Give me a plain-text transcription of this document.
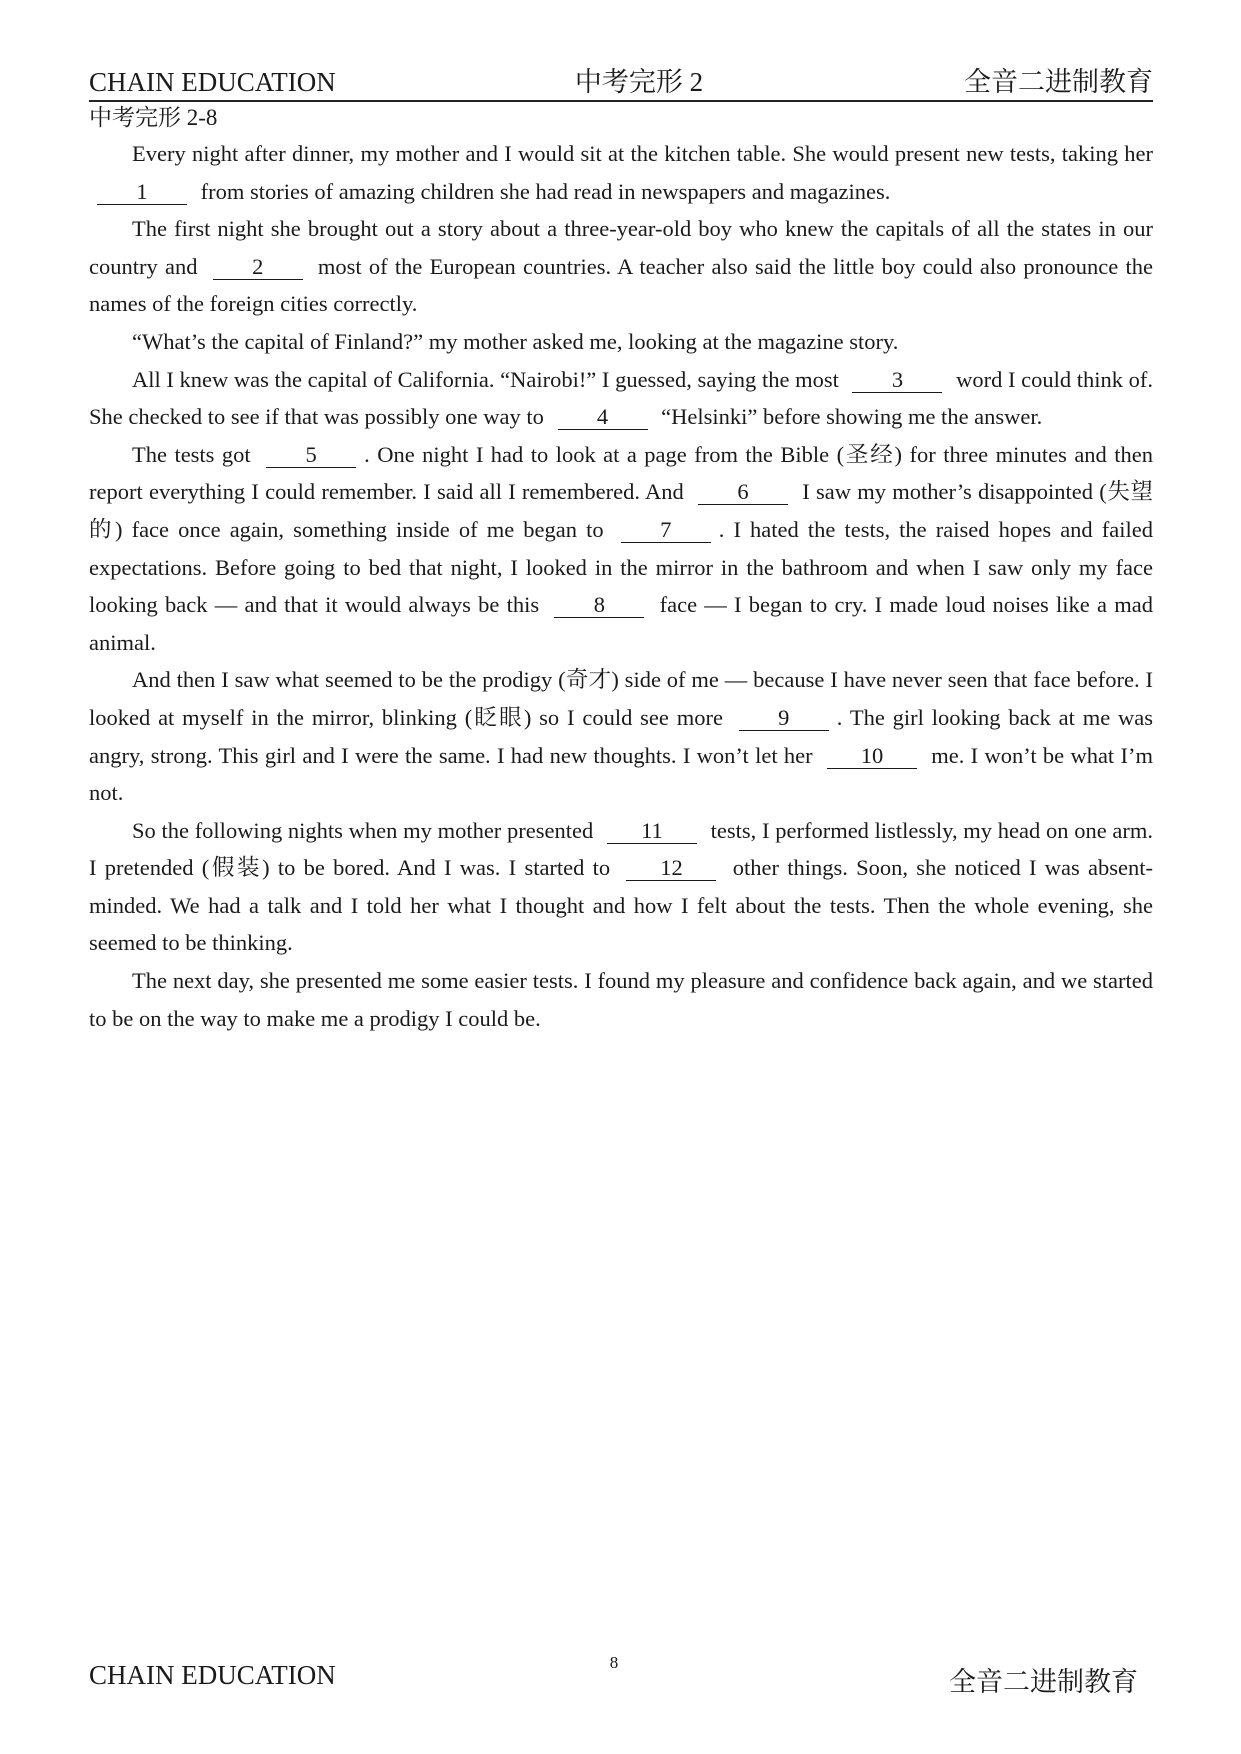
CHAIN EDUCATION	中考完形 2	全音二进制教育
中考完形 2-8

Every night after dinner, my mother and I would sit at the kitchen table. She would present new tests, taking her 1 from stories of amazing children she had read in newspapers and magazines.

The first night she brought out a story about a three-year-old boy who knew the capitals of all the states in our country and 2 most of the European countries. A teacher also said the little boy could also pronounce the names of the foreign cities correctly.

“What’s the capital of Finland?” my mother asked me, looking at the magazine story.

All I knew was the capital of California. “Nairobi!” I guessed, saying the most 3 word I could think of. She checked to see if that was possibly one way to 4 “Helsinki” before showing me the answer.

The tests got 5 . One night I had to look at a page from the Bible (圣经) for three minutes and then report everything I could remember. I said all I remembered. And 6 I saw my mother’s disappointed (失望的) face once again, something inside of me began to 7 . I hated the tests, the raised hopes and failed expectations. Before going to bed that night, I looked in the mirror in the bathroom and when I saw only my face looking back — and that it would always be this 8 face — I began to cry. I made loud noises like a mad animal.

And then I saw what seemed to be the prodigy (奇才) side of me — because I have never seen that face before. I looked at myself in the mirror, blinking (眨眼) so I could see more 9 . The girl looking back at me was angry, strong. This girl and I were the same. I had new thoughts. I won’t let her 10 me. I won’t be what I’m not.

So the following nights when my mother presented 11 tests, I performed listlessly, my head on one arm. I pretended (假装) to be bored. And I was. I started to 12 other things. Soon, she noticed I was absent-minded. We had a talk and I told her what I thought and how I felt about the tests. Then the whole evening, she seemed to be thinking.

The next day, she presented me some easier tests. I found my pleasure and confidence back again, and we started to be on the way to make me a prodigy I could be.

CHAIN EDUCATION	8
全音二进制教育
